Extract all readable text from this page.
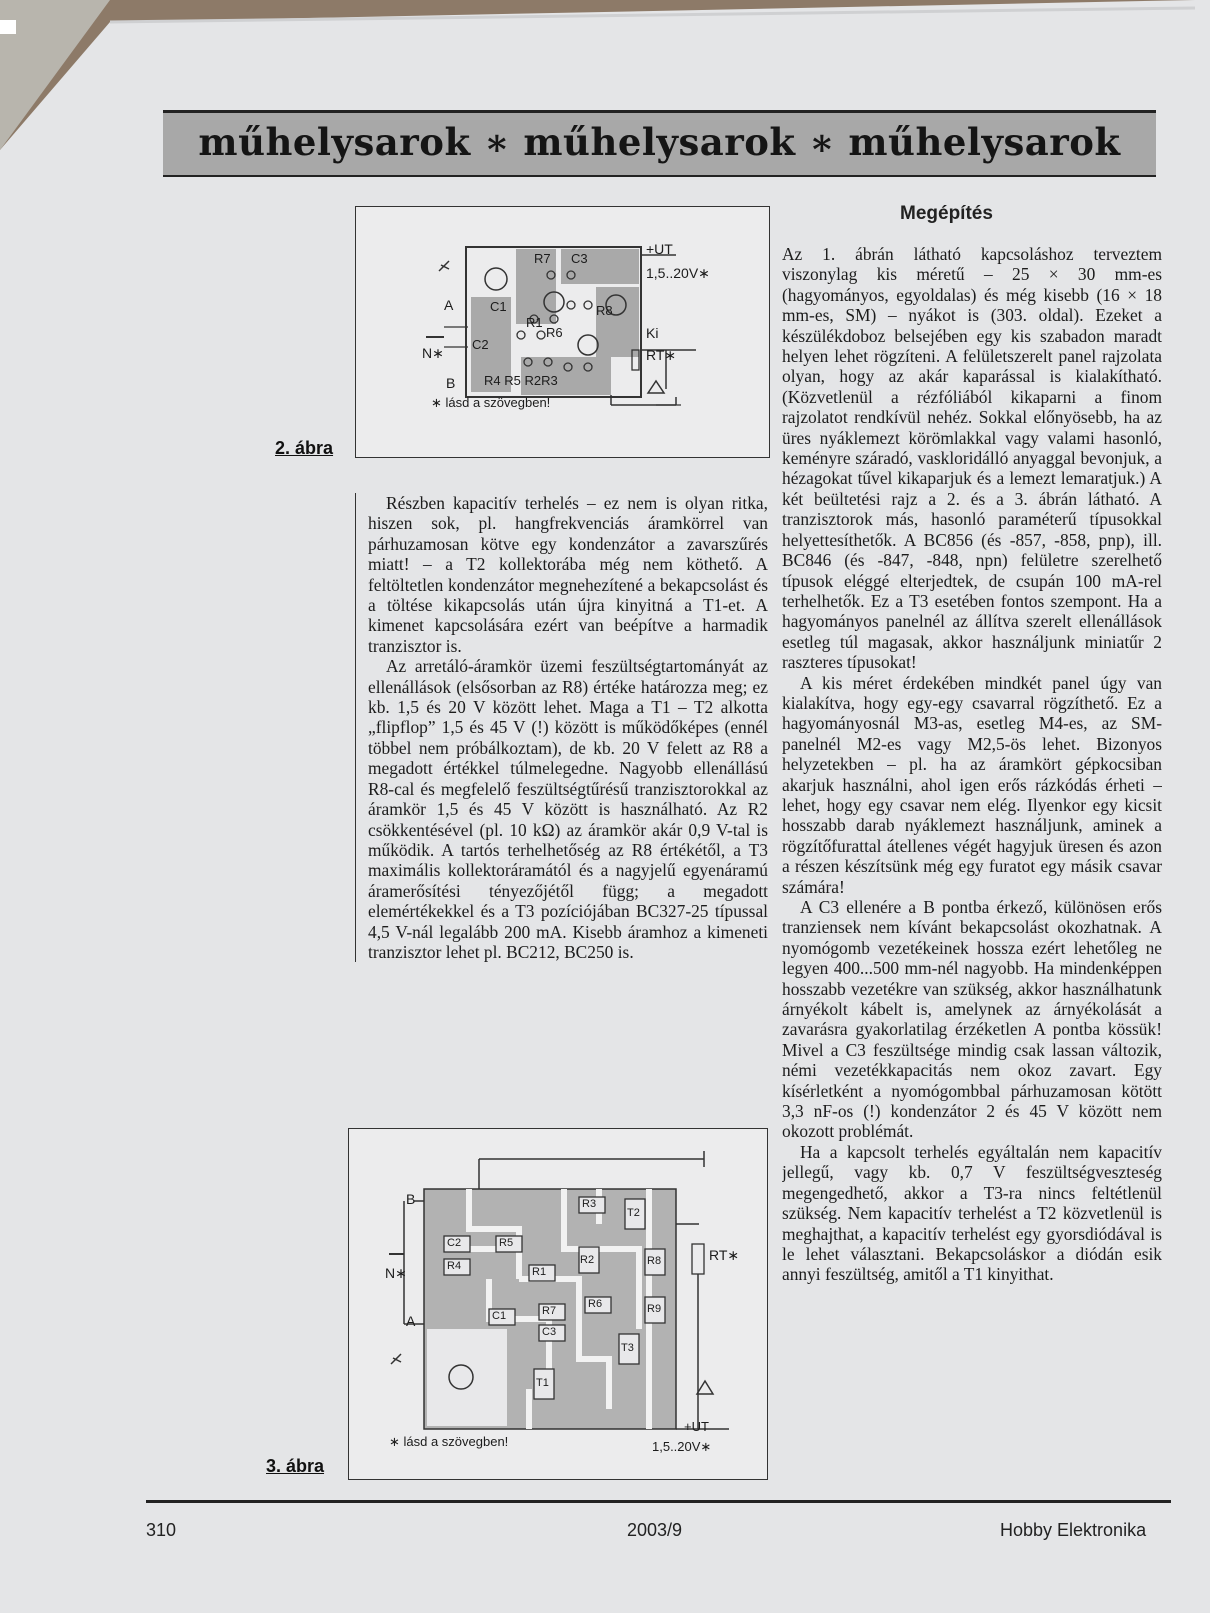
műhelysarok ∗ műhelysarok ∗ műhelysarok
+UT
1,5..20V∗
Ki
RT∗
A
N∗
B
C1
C2
R7 C3
R1
R6
R8
R4 R5 R2R3
∗ lásd a szövegben!
2. ábra
B
N∗
A
RT∗
+UT
1,5..20V∗
∗ lásd a szövegben!
C2
R4
R5
R3
R2
R1
R8
R9
R6
R7
C1
C3
T2
T3
T1
3. ábra

Részben kapacitív terhelés – ez nem is olyan ritka, hiszen sok, pl. hangfrekvenciás áramkörrel van párhuzamosan kötve egy kondenzátor a zavarszűrés miatt! – a T2 kollektorába még nem köthető. A feltöltetlen kondenzátor megnehezítené a bekapcsolást és a töltése kikapcsolás után újra kinyitná a T1-et. A kimenet kapcsolására ezért van beépítve a harmadik tranzisztor is.

Az arretáló-áramkör üzemi feszültségtartományát az ellenállások (elsősorban az R8) értéke határozza meg; ez kb. 1,5 és 20 V között lehet. Maga a T1 – T2 alkotta „flipflop” 1,5 és 45 V (!) között is működőképes (ennél többel nem próbálkoztam), de kb. 20 V felett az R8 a megadott értékkel túlmelegedne. Nagyobb ellenállású R8-cal és megfelelő feszültségtűrésű tranzisztorokkal az áramkör 1,5 és 45 V között is használható. Az R2 csökkentésével (pl. 10 kΩ) az áramkör akár 0,9 V-tal is működik. A tartós terhelhetőség az R8 értékétől, a T3 maximális kollektoráramától és a nagyjelű egyenáramú áramerősítési tényezőjétől függ; a megadott elemértékekkel és a T3 pozíciójában BC327-25 típussal 4,5 V-nál legalább 200 mA. Kisebb áramhoz a kimeneti tranzisztor lehet pl. BC212, BC250 is.

Megépítés

Az 1. ábrán látható kapcsoláshoz terveztem viszonylag kis méretű – 25 × 30 mm-es (hagyományos, egyoldalas) és még kisebb (16 × 18 mm-es, SM) – nyákot is (303. oldal). Ezeket a készülékdoboz belsejében egy kis szabadon maradt helyen lehet rögzíteni. A felületszerelt panel rajzolata olyan, hogy az akár kaparással is kialakítható. (Közvetlenül a rézfóliából kikaparni a finom rajzolatot rendkívül nehéz. Sokkal előnyösebb, ha az üres nyáklemezt körömlakkal vagy valami hasonló, keményre száradó, vaskloridálló anyaggal bevonjuk, a hézagokat tűvel kikaparjuk és a lemezt lemaratjuk.) A két beültetési rajz a 2. és a 3. ábrán látható. A tranzisztorok más, hasonló paraméterű típusokkal helyettesíthetők. A BC856 (és -857, -858, pnp), ill. BC846 (és -847, -848, npn) felületre szerelhető típusok eléggé elterjedtek, de csupán 100 mA-rel terhelhetők. Ez a T3 esetében fontos szempont. Ha a hagyományos panelnél az állítva szerelt ellenállások esetleg túl magasak, akkor használjunk miniatűr 2 raszteres típusokat!

A kis méret érdekében mindkét panel úgy van kialakítva, hogy egy-egy csavarral rögzíthető. Ez a hagyományosnál M3-as, esetleg M4-es, az SM-panelnél M2-es vagy M2,5-ös lehet. Bizonyos helyzetekben – pl. ha az áramkört gépkocsiban akarjuk használni, ahol igen erős rázkódás érheti – lehet, hogy egy csavar nem elég. Ilyenkor egy kicsit hosszabb darab nyáklemezt használjunk, aminek a rögzítőfurattal átellenes végét hagyjuk üresen és azon a részen készítsünk még egy furatot egy másik csavar számára!

A C3 ellenére a B pontba érkező, különösen erős tranziensek nem kívánt bekapcsolást okozhatnak. A nyomógomb vezetékeinek hossza ezért lehetőleg ne legyen 400...500 mm-nél nagyobb. Ha mindenképpen hosszabb vezetékre van szükség, akkor használhatunk árnyékolt kábelt is, amelynek az árnyékolását a zavarásra gyakorlatilag érzéketlen A pontba kössük! Mivel a C3 feszültsége mindig csak lassan változik, némi vezetékkapacitás nem okoz zavart. Egy kísérletként a nyomógombbal párhuzamosan kötött 3,3 nF-os (!) kondenzátor 2 és 45 V között nem okozott problémát.

Ha a kapcsolt terhelés egyáltalán nem kapacitív jellegű, vagy kb. 0,7 V feszültségveszteség megengedhető, akkor a T3-ra nincs feltétlenül szükség. Nem kapacitív terhelést a T2 közvetlenül is meghajthat, a kapacitív terhelést egy gyorsdiódával is le lehet választani. Bekapcsoláskor a diódán esik annyi feszültség, amitől a T1 kinyithat.

310	2003/9	Hobby Elektronika
